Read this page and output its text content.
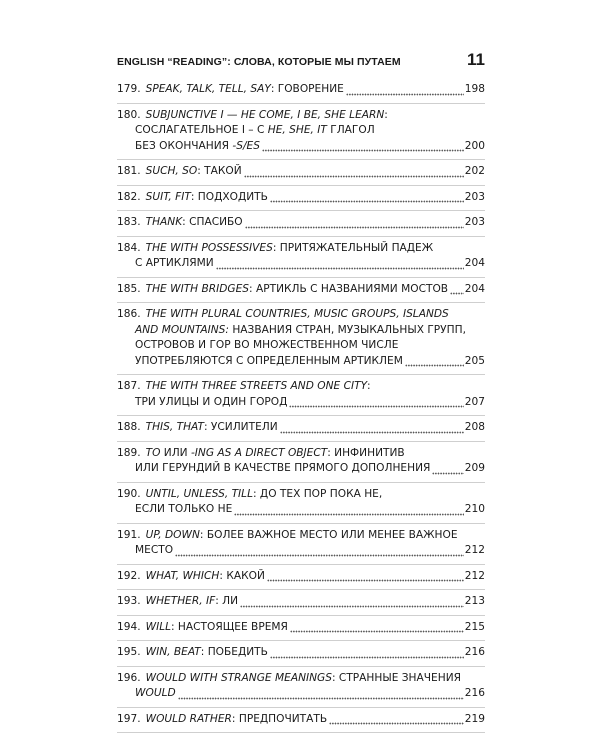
ENGLISH “READING”: СЛОВА, КОТОРЫЕ МЫ ПУТАЕМ	11
179. SPEAK, TALK, TELL, SAY: ГОВОРЕНИЕ	198
180. SUBJUNCTIVE I — HE COME, I BE, SHE LEARN:
СОСЛАГАТЕЛЬНОЕ I – С HE, SHE, IT ГЛАГОЛ
БЕЗ ОКОНЧАНИЯ -S/ES	200
181. SUCH, SO: ТАКОЙ	202
182. SUIT, FIT: ПОДХОДИТЬ	203
183. THANK: СПАСИБО	203
184. THE WITH POSSESSIVES: ПРИТЯЖАТЕЛЬНЫЙ ПАДЕЖ
С АРТИКЛЯМИ	204
185. THE WITH BRIDGES: АРТИКЛЬ С НАЗВАНИЯМИ МОСТОВ 204
186. THE WITH PLURAL COUNTRIES, MUSIC GROUPS, ISLANDS
AND MOUNTAINS: НАЗВАНИЯ СТРАН, МУЗЫКАЛЬНЫХ ГРУПП,
ОСТРОВОВ И ГОР ВО МНОЖЕСТВЕННОМ ЧИСЛЕ
УПОТРЕБЛЯЮТСЯ С ОПРЕДЕЛЕННЫМ АРТИКЛЕМ	205
187. THE WITH THREE STREETS AND ONE CITY:
ТРИ УЛИЦЫ И ОДИН ГОРОД	207
188. THIS, THAT: УСИЛИТЕЛИ	208
189. TO ИЛИ -ING AS A DIRECT OBJECT: ИНФИНИТИВ
ИЛИ ГЕРУНДИЙ В КАЧЕСТВЕ ПРЯМОГО ДОПОЛНЕНИЯ	209
190. UNTIL, UNLESS, TILL: ДО ТЕХ ПОР ПОКА НЕ,
ЕСЛИ ТОЛЬКО НЕ	210
191. UP, DOWN: БОЛЕЕ ВАЖНОЕ МЕСТО ИЛИ МЕНЕЕ ВАЖНОЕ
МЕСТО	212
192. WHAT, WHICH: КАКОЙ	212
193. WHETHER, IF: ЛИ	213
194. WILL: НАСТОЯЩЕЕ ВРЕМЯ	215
195. WIN, BEAT: ПОБЕДИТЬ	216
196. WOULD WITH STRANGE MEANINGS: СТРАННЫЕ ЗНАЧЕНИЯ
WOULD	216
197. WOULD RATHER: ПРЕДПОЧИТАТЬ	219
